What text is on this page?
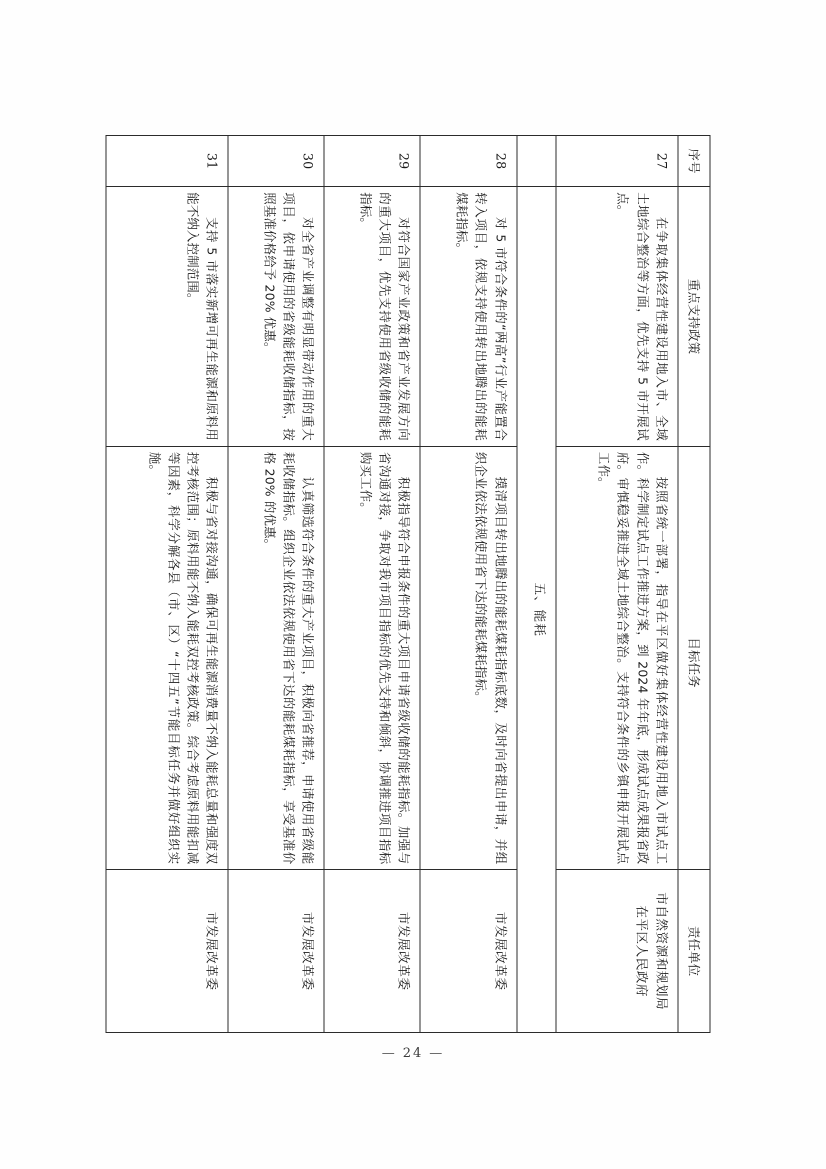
序号	重点支持政策	目标任务	责任单位
27	在争取集体经营性建设用地入市、全域土地综合整治等方面，优先支持 5 市开展试点。	按照省统一部署，指导在平区做好集体经营性建设用地入市试点工作。科学制定试点工作推进方案，到 2024 年年底，形成试点成果报省政府。审慎稳妥推进全域土地综合整治。支持符合条件的乡镇申报开展试点工作。	市自然资源和规划局
在平区人民政府

	五、能耗		
28	对 5 市符合条件的“两高”行业产能置合转入项目，依规支持使用转出地腾出的能耗煤耗指标。	摸清项目转出地腾出的能耗煤耗指标底数，及时向省提出申请，并组织企业依法依规使用省下达的能耗煤耗指标。	市发展改革委

29	对符合国家产业政策和省产业发展方向的重大项目，优先支持使用省级收储的能耗指标。	积极指导符合申报条件的重大项目申请省级收储的能耗指标。加强与省沟通对接，争取对我市项目指标的优先支持和倾斜，协调推进项目指标购买工作。	市发展改革委

30	对全省产业调整有明显带动作用的重大项目，依申请使用的省级能耗收储指标，按照基准价格给予 20% 优惠。	认真筛选符合条件的重大产业项目，积极向省推荐，申请使用省级能耗收储指标。组织企业依法依规使用省下达的能耗煤耗指标，享受基准价格 20% 的优惠。	市发展改革委

31	支持 5 市落实新增可再生能源和原料用能不纳入控制范围。	积极与省对接沟通，确保可再生能源消费量不纳入能耗总量和强度双控考核范围；原料用能不纳入能耗双控考核政策。综合考虑原料用能扣减等因素，科学分解各县（市、区）“十四五”节能目标任务并做好组织实施。	市发展改革委
— 24 —
